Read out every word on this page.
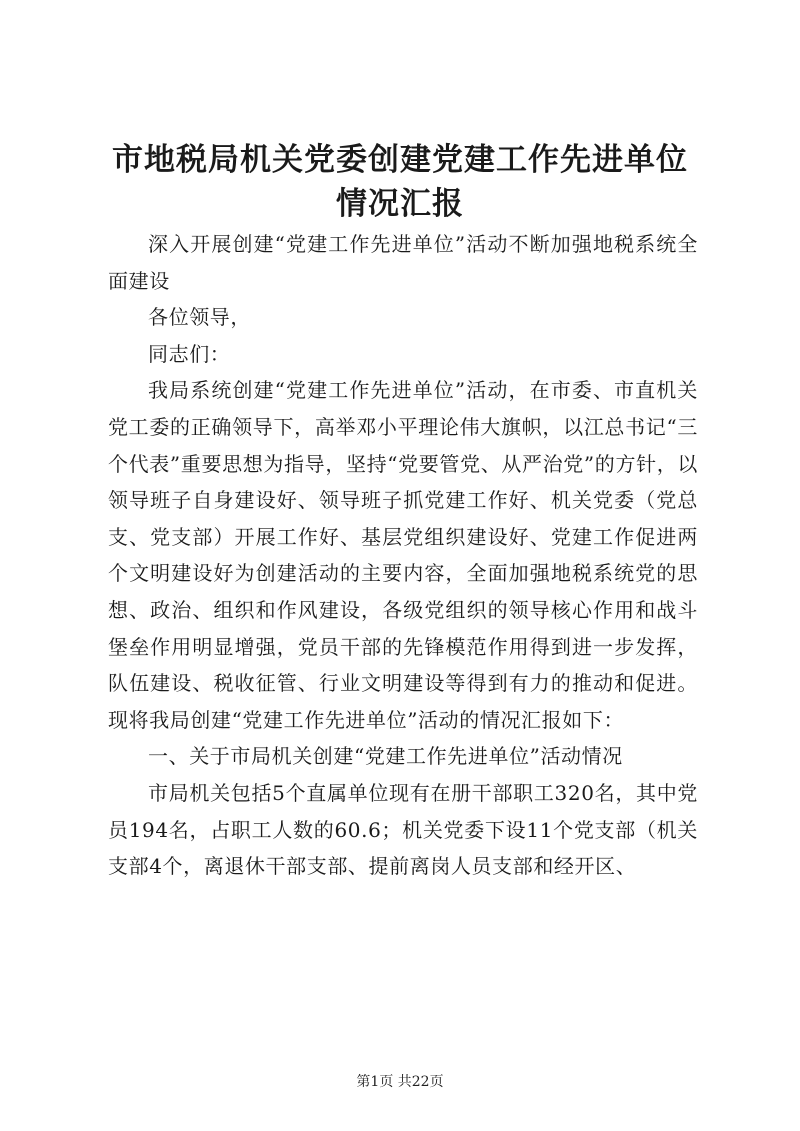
市地税局机关党委创建党建工作先进单位情况汇报

深入开展创建“党建工作先进单位”活动不断加强地税系统全面建设

各位领导，

同志们：

我局系统创建“党建工作先进单位”活动，在市委、市直机关党工委的正确领导下，高举邓小平理论伟大旗帜，以江总书记“三个代表”重要思想为指导，坚持“党要管党、从严治党”的方针，以领导班子自身建设好、领导班子抓党建工作好、机关党委（党总支、党支部）开展工作好、基层党组织建设好、党建工作促进两个文明建设好为创建活动的主要内容，全面加强地税系统党的思想、政治、组织和作风建设，各级党组织的领导核心作用和战斗堡垒作用明显增强，党员干部的先锋模范作用得到进一步发挥，队伍建设、税收征管、行业文明建设等得到有力的推动和促进。现将我局创建“党建工作先进单位”活动的情况汇报如下：

一、关于市局机关创建“党建工作先进单位”活动情况

市局机关包括5个直属单位现有在册干部职工320名，其中党员194名，占职工人数的60.6；机关党委下设11个党支部（机关支部4个，离退休干部支部、提前离岗人员支部和经开区、

第1页 共22页
